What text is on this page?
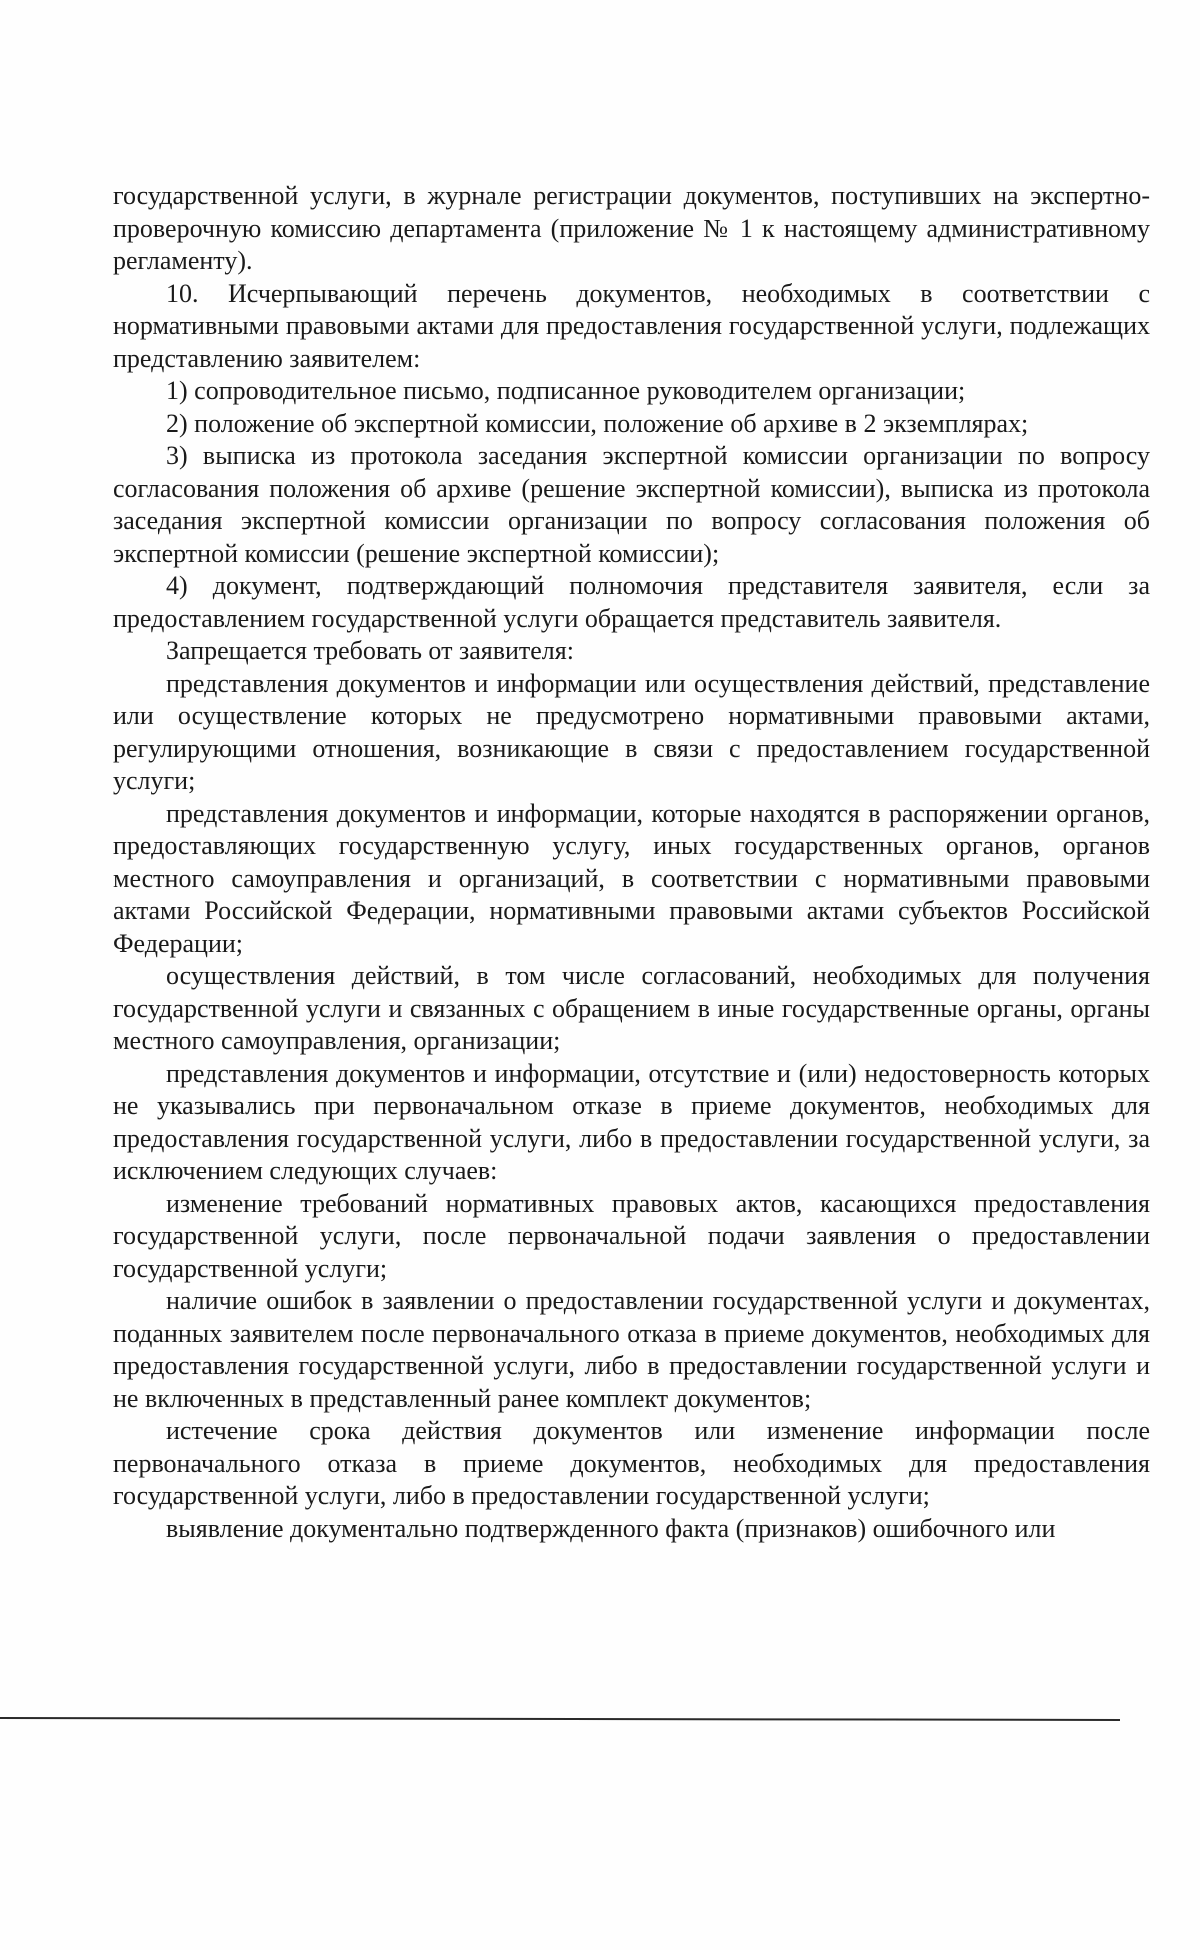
государственной услуги, в журнале регистрации документов, поступивших на экспертно-проверочную комиссию департамента (приложение № 1 к настоящему административному регламенту).

10. Исчерпывающий перечень документов, необходимых в соответствии с нормативными правовыми актами для предоставления государственной услуги, подлежащих представлению заявителем:

1) сопроводительное письмо, подписанное руководителем организации;

2) положение об экспертной комиссии, положение об архиве в 2 экземплярах;

3) выписка из протокола заседания экспертной комиссии организации по вопросу согласования положения об архиве (решение экспертной комиссии), выписка из протокола заседания экспертной комиссии организации по вопросу согласования положения об экспертной комиссии (решение экспертной комиссии);

4) документ, подтверждающий полномочия представителя заявителя, если за предоставлением государственной услуги обращается представитель заявителя.

Запрещается требовать от заявителя:

представления документов и информации или осуществления действий, представление или осуществление которых не предусмотрено нормативными правовыми актами, регулирующими отношения, возникающие в связи с предоставлением государственной услуги;

представления документов и информации, которые находятся в распоряжении органов, предоставляющих государственную услугу, иных государственных органов, органов местного самоуправления и организаций, в соответствии с нормативными правовыми актами Российской Федерации, нормативными правовыми актами субъектов Российской Федерации;

осуществления действий, в том числе согласований, необходимых для получения государственной услуги и связанных с обращением в иные государственные органы, органы местного самоуправления, организации;

представления документов и информации, отсутствие и (или) недостоверность которых не указывались при первоначальном отказе в приеме документов, необходимых для предоставления государственной услуги, либо в предоставлении государственной услуги, за исключением следующих случаев:

изменение требований нормативных правовых актов, касающихся предоставления государственной услуги, после первоначальной подачи заявления о предоставлении государственной услуги;

наличие ошибок в заявлении о предоставлении государственной услуги и документах, поданных заявителем после первоначального отказа в приеме документов, необходимых для предоставления государственной услуги, либо в предоставлении государственной услуги и не включенных в представленный ранее комплект документов;

истечение срока действия документов или изменение информации после первоначального отказа в приеме документов, необходимых для предоставления государственной услуги, либо в предоставлении государственной услуги;

выявление документально подтвержденного факта (признаков) ошибочного или
